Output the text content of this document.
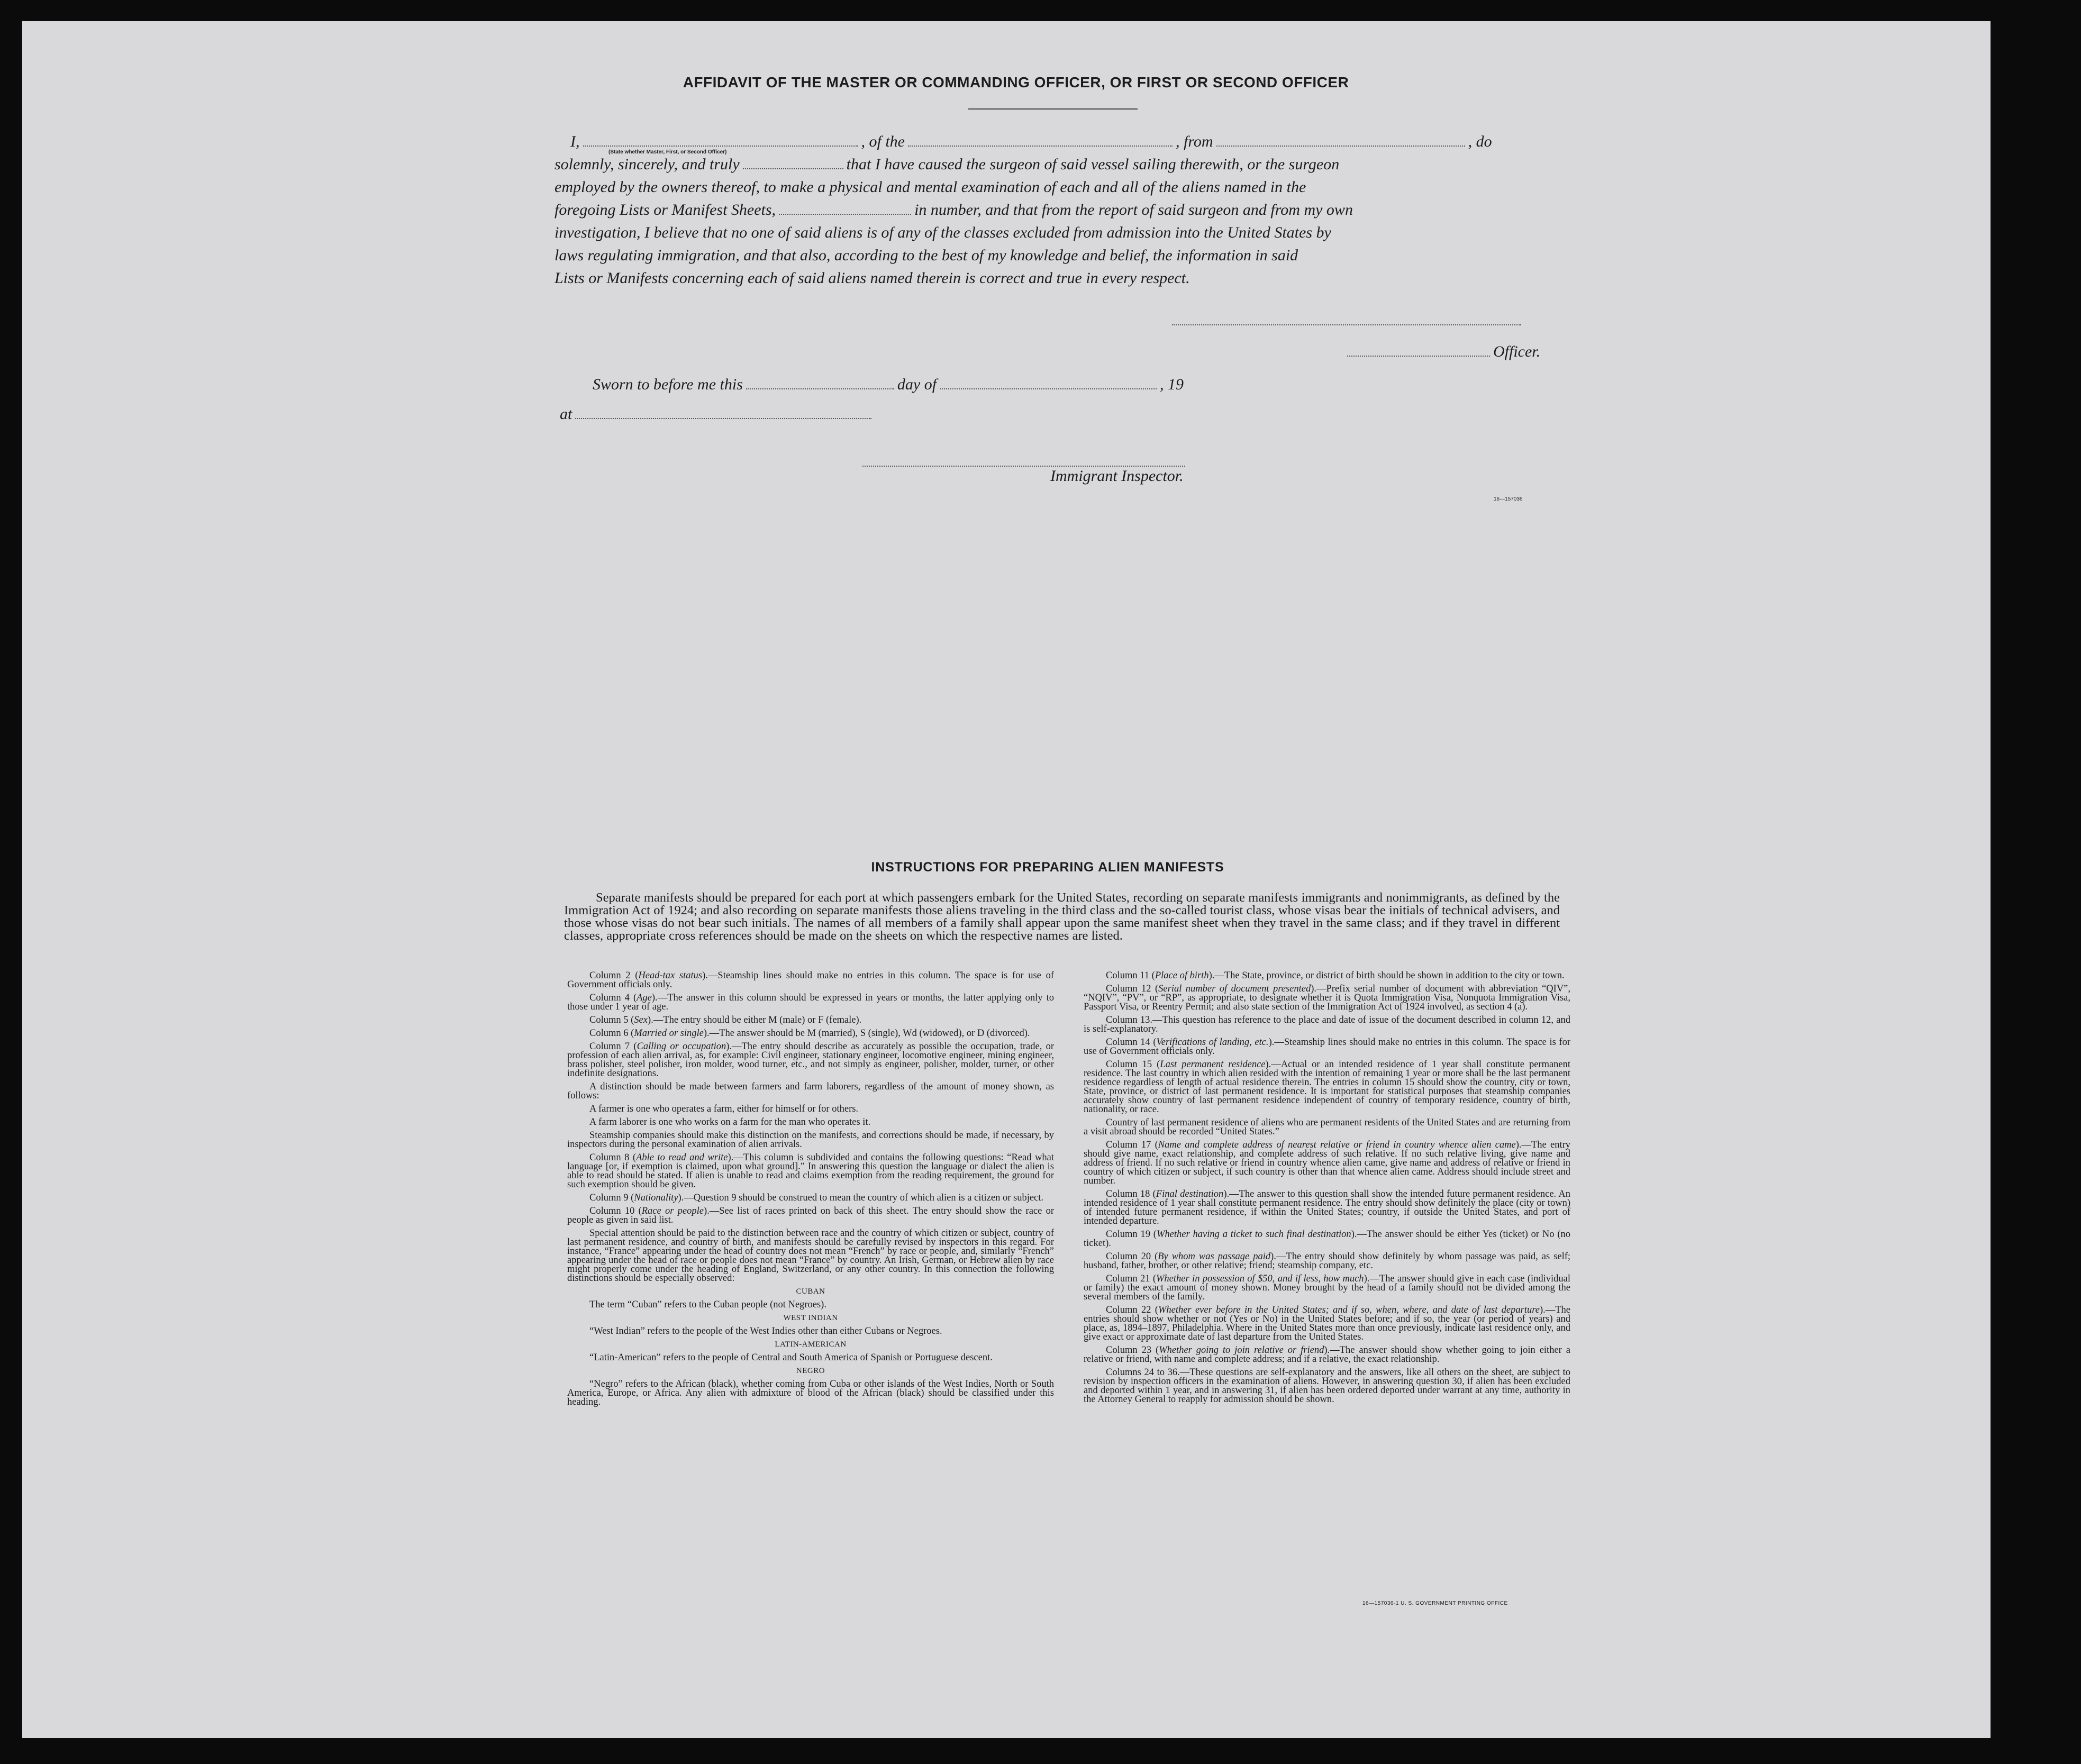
AFFIDAVIT OF THE MASTER OR COMMANDING OFFICER, OR FIRST OR SECOND OFFICER
I,	, of the	, from	, do
solemnly, sincerely, and truly	that I have caused the surgeon of said vessel sailing therewith, or the surgeon
employed by the owners thereof, to make a physical and mental examination of each and all of the aliens named in the
foregoing Lists or Manifest Sheets,	in number, and that from the report of said surgeon and from my own
investigation, I believe that no one of said aliens is of any of the classes excluded from admission into the United States by
laws regulating immigration, and that also, according to the best of my knowledge and belief, the information in said
Lists or Manifests concerning each of said aliens named therein is correct and true in every respect.
(State whether Master, First, or Second Officer)
Officer.
Sworn to before me this	day of	, 19
at
Immigrant Inspector.
16—157036
INSTRUCTIONS FOR PREPARING ALIEN MANIFESTS
Separate manifests should be prepared for each port at which passengers embark for the United States, recording on separate manifests immigrants and nonimmigrants, as defined by the Immigration Act of 1924; and also recording on separate manifests those aliens traveling in the third class and the so-called tourist class, whose visas bear the initials of technical advisers, and those whose visas do not bear such initials. The names of all members of a family shall appear upon the same manifest sheet when they travel in the same class; and if they travel in different classes, appropriate cross references should be made on the sheets on which the respective names are listed.

Column 2 (Head-tax status).—Steamship lines should make no entries in this column. The space is for use of Government officials only.

Column 4 (Age).—The answer in this column should be expressed in years or months, the latter applying only to those under 1 year of age.

Column 5 (Sex).—The entry should be either M (male) or F (female).

Column 6 (Married or single).—The answer should be M (married), S (single), Wd (widowed), or D (divorced).

Column 7 (Calling or occupation).—The entry should describe as accurately as possible the occupation, trade, or profession of each alien arrival, as, for example: Civil engineer, stationary engineer, locomotive engineer, mining engineer, brass polisher, steel polisher, iron molder, wood turner, etc., and not simply as engineer, polisher, molder, turner, or other indefinite designations.

A distinction should be made between farmers and farm laborers, regardless of the amount of money shown, as follows:

A farmer is one who operates a farm, either for himself or for others.

A farm laborer is one who works on a farm for the man who operates it.

Steamship companies should make this distinction on the manifests, and corrections should be made, if necessary, by inspectors during the personal examination of alien arrivals.

Column 8 (Able to read and write).—This column is subdivided and contains the following questions: “Read what language [or, if exemption is claimed, upon what ground].” In answering this question the language or dialect the alien is able to read should be stated. If alien is unable to read and claims exemption from the reading requirement, the ground for such exemption should be given.

Column 9 (Nationality).—Question 9 should be construed to mean the country of which alien is a citizen or subject.

Column 10 (Race or people).—See list of races printed on back of this sheet. The entry should show the race or people as given in said list.

Special attention should be paid to the distinction between race and the country of which citizen or subject, country of last permanent residence, and country of birth, and manifests should be carefully revised by inspectors in this regard. For instance, “France” appearing under the head of country does not mean “French” by race or people, and, similarly “French” appearing under the head of race or people does not mean “France” by country. An Irish, German, or Hebrew alien by race might properly come under the heading of England, Switzerland, or any other country. In this connection the following distinctions should be especially observed:

CUBAN

The term “Cuban” refers to the Cuban people (not Negroes).

WEST INDIAN

“West Indian” refers to the people of the West Indies other than either Cubans or Negroes.

LATIN-AMERICAN

“Latin-American” refers to the people of Central and South America of Spanish or Portuguese descent.

NEGRO

“Negro” refers to the African (black), whether coming from Cuba or other islands of the West Indies, North or South America, Europe, or Africa. Any alien with admixture of blood of the African (black) should be classified under this heading.

Column 11 (Place of birth).—The State, province, or district of birth should be shown in addition to the city or town.

Column 12 (Serial number of document presented).—Prefix serial number of document with abbreviation “QIV”, “NQIV”, “PV”, or “RP”, as appropriate, to designate whether it is Quota Immigration Visa, Nonquota Immigration Visa, Passport Visa, or Reentry Permit; and also state section of the Immigration Act of 1924 involved, as section 4 (a).

Column 13.—This question has reference to the place and date of issue of the document described in column 12, and is self-explanatory.

Column 14 (Verifications of landing, etc.).—Steamship lines should make no entries in this column. The space is for use of Government officials only.

Column 15 (Last permanent residence).—Actual or an intended residence of 1 year shall constitute permanent residence. The last country in which alien resided with the intention of remaining 1 year or more shall be the last permanent residence regardless of length of actual residence therein. The entries in column 15 should show the country, city or town, State, province, or district of last permanent residence. It is important for statistical purposes that steamship companies accurately show country of last permanent residence independent of country of temporary residence, country of birth, nationality, or race.

Country of last permanent residence of aliens who are permanent residents of the United States and are returning from a visit abroad should be recorded “United States.”

Column 17 (Name and complete address of nearest relative or friend in country whence alien came).—The entry should give name, exact relationship, and complete address of such relative. If no such relative living, give name and address of friend. If no such relative or friend in country whence alien came, give name and address of relative or friend in country of which citizen or subject, if such country is other than that whence alien came. Address should include street and number.

Column 18 (Final destination).—The answer to this question shall show the intended future permanent residence. An intended residence of 1 year shall constitute permanent residence. The entry should show definitely the place (city or town) of intended future permanent residence, if within the United States; country, if outside the United States, and port of intended departure.

Column 19 (Whether having a ticket to such final destination).—The answer should be either Yes (ticket) or No (no ticket).

Column 20 (By whom was passage paid).—The entry should show definitely by whom passage was paid, as self; husband, father, brother, or other relative; friend; steamship company, etc.

Column 21 (Whether in possession of $50, and if less, how much).—The answer should give in each case (individual or family) the exact amount of money shown. Money brought by the head of a family should not be divided among the several members of the family.

Column 22 (Whether ever before in the United States; and if so, when, where, and date of last departure).—The entries should show whether or not (Yes or No) in the United States before; and if so, the year (or period of years) and place, as, 1894–1897, Philadelphia. Where in the United States more than once previously, indicate last residence only, and give exact or approximate date of last departure from the United States.

Column 23 (Whether going to join relative or friend).—The answer should show whether going to join either a relative or friend, with name and complete address; and if a relative, the exact relationship.

Columns 24 to 36.—These questions are self-explanatory and the answers, like all others on the sheet, are subject to revision by inspection officers in the examination of aliens. However, in answering question 30, if alien has been excluded and deported within 1 year, and in answering 31, if alien has been ordered deported under warrant at any time, authority in the Attorney General to reapply for admission should be shown.

16—157036-1 U. S. GOVERNMENT PRINTING OFFICE
